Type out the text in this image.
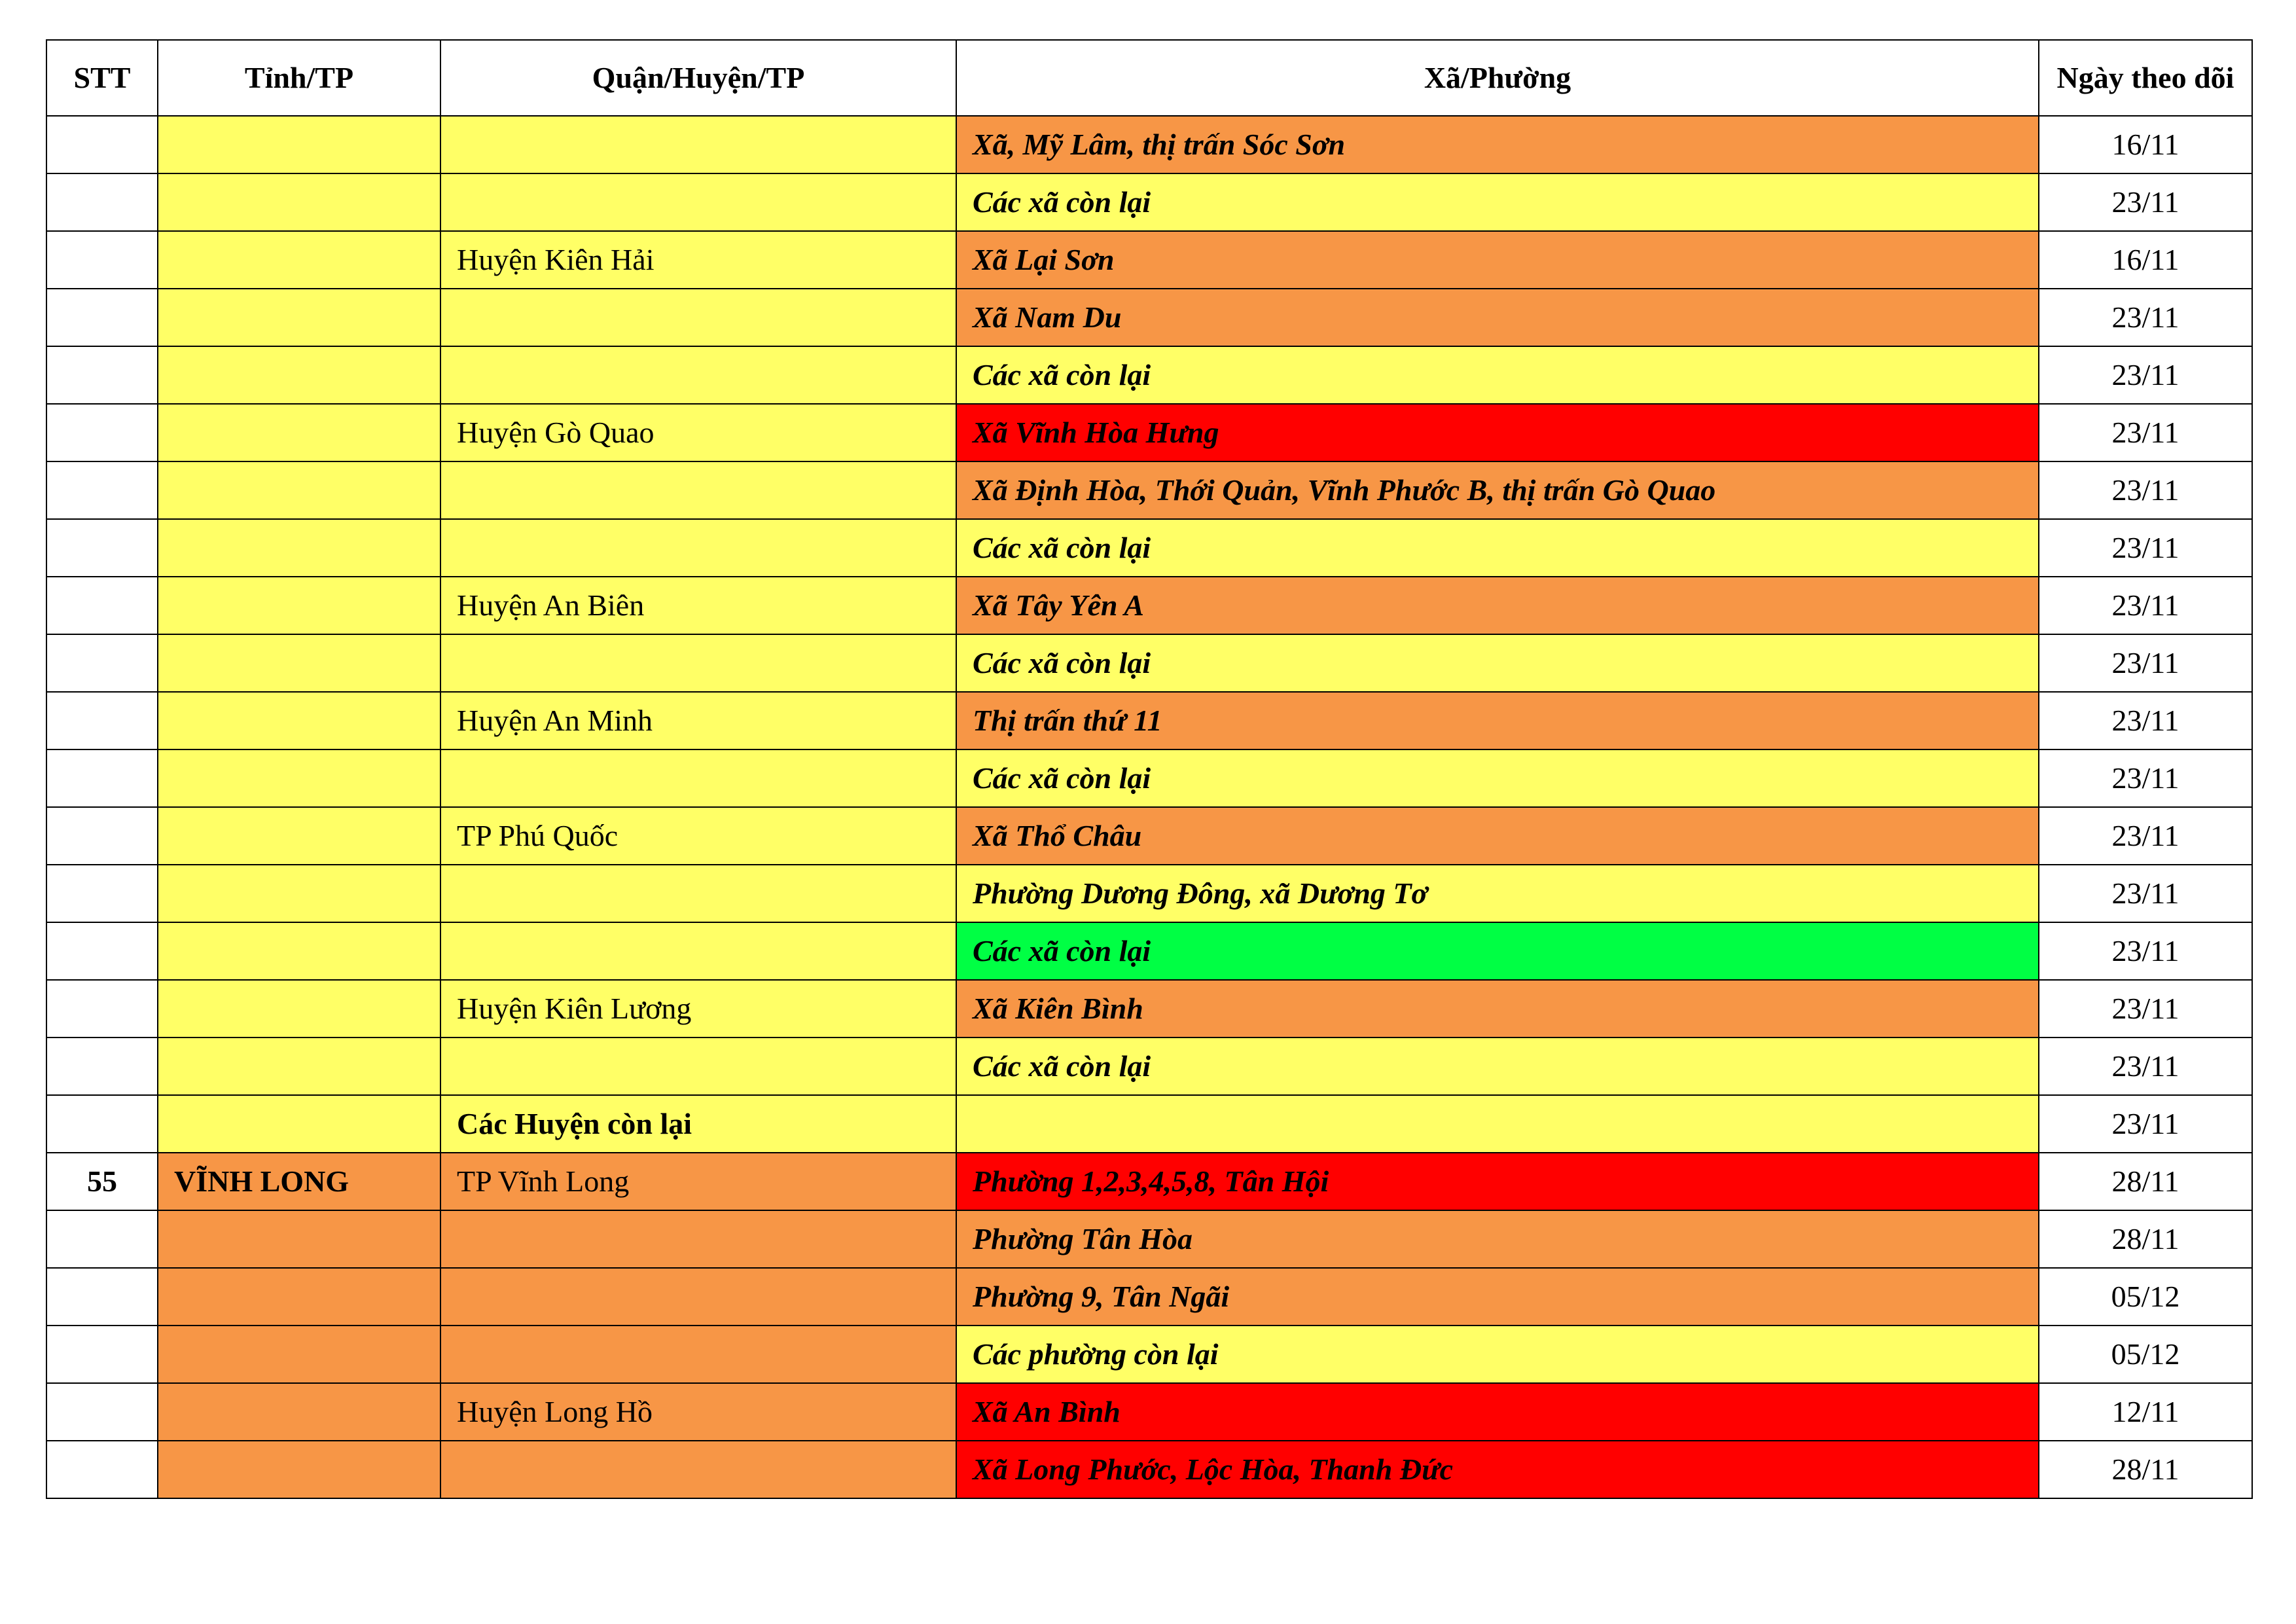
STT	Tỉnh/TP	Quận/Huyện/TP	Xã/Phường	Ngày theo dõi
			Xã, Mỹ Lâm, thị trấn Sóc Sơn	16/11
			Các xã còn lại	23/11
		Huyện Kiên Hải	Xã Lại Sơn	16/11
			Xã Nam Du	23/11
			Các xã còn lại	23/11
		Huyện Gò Quao	Xã Vĩnh Hòa Hưng	23/11
			Xã Định Hòa, Thới Quản, Vĩnh Phước B, thị trấn Gò Quao	23/11
			Các xã còn lại	23/11
		Huyện An Biên	Xã Tây Yên A	23/11
			Các xã còn lại	23/11
		Huyện An Minh	Thị trấn thứ 11	23/11
			Các xã còn lại	23/11
		TP Phú Quốc	Xã Thổ Châu	23/11
			Phường Dương Đông, xã Dương Tơ	23/11
			Các xã còn lại	23/11
		Huyện Kiên Lương	Xã Kiên Bình	23/11
			Các xã còn lại	23/11
		Các Huyện còn lại		23/11
55	VĨNH LONG	TP Vĩnh Long	Phường 1,2,3,4,5,8, Tân Hội	28/11
			Phường Tân Hòa	28/11
			Phường 9, Tân Ngãi	05/12
			Các phường còn lại	05/12
		Huyện Long Hồ	Xã An Bình	12/11
			Xã Long Phước, Lộc Hòa, Thanh Đức	28/11
